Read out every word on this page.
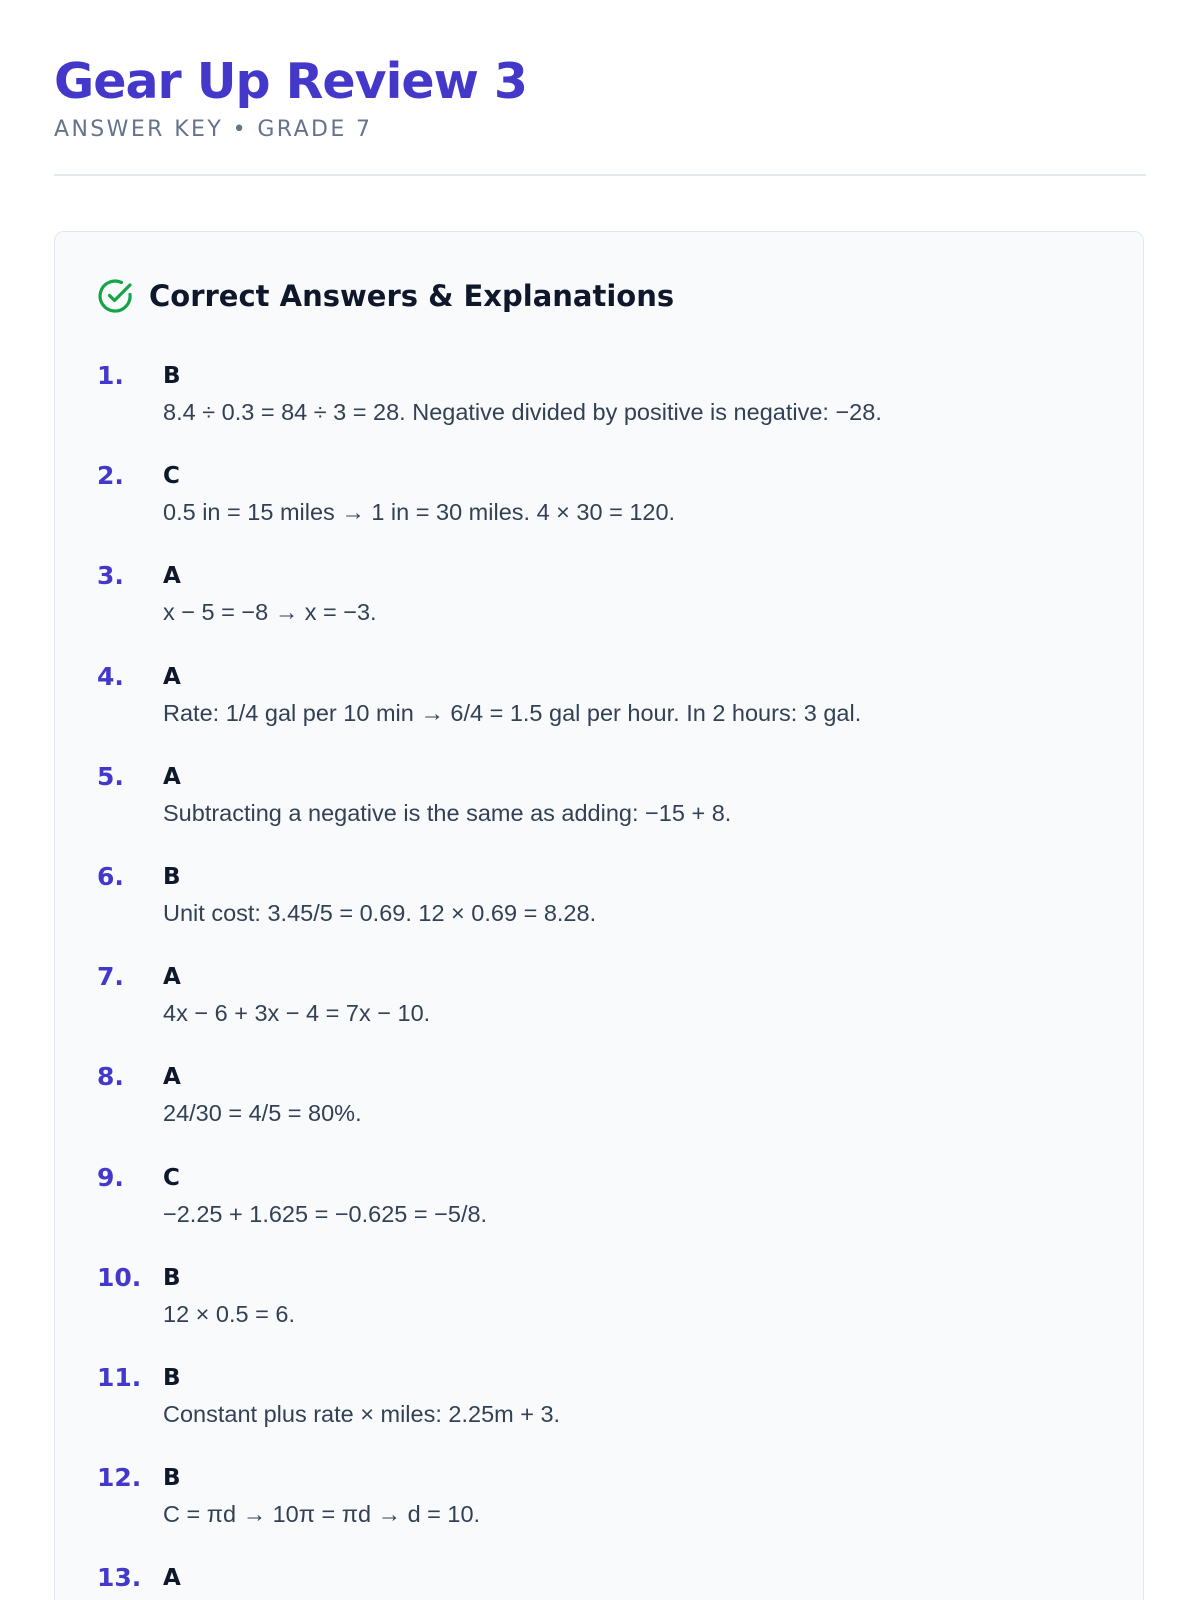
Gear Up Review 3
ANSWER KEY • GRADE 7
Correct Answers & Explanations
1. B
8.4 ÷ 0.3 = 84 ÷ 3 = 28. Negative divided by positive is negative: −28.
2. C
0.5 in = 15 miles → 1 in = 30 miles. 4 × 30 = 120.
3. A
x − 5 = −8 → x = −3.
4. A
Rate: 1/4 gal per 10 min → 6/4 = 1.5 gal per hour. In 2 hours: 3 gal.
5. A
Subtracting a negative is the same as adding: −15 + 8.
6. B
Unit cost: 3.45/5 = 0.69. 12 × 0.69 = 8.28.
7. A
4x − 6 + 3x − 4 = 7x − 10.
8. A
24/30 = 4/5 = 80%.
9. C
−2.25 + 1.625 = −0.625 = −5/8.
10. B
12 × 0.5 = 6.
11. B
Constant plus rate × miles: 2.25m + 3.
12. B
C = πd → 10π = πd → d = 10.
13. A
